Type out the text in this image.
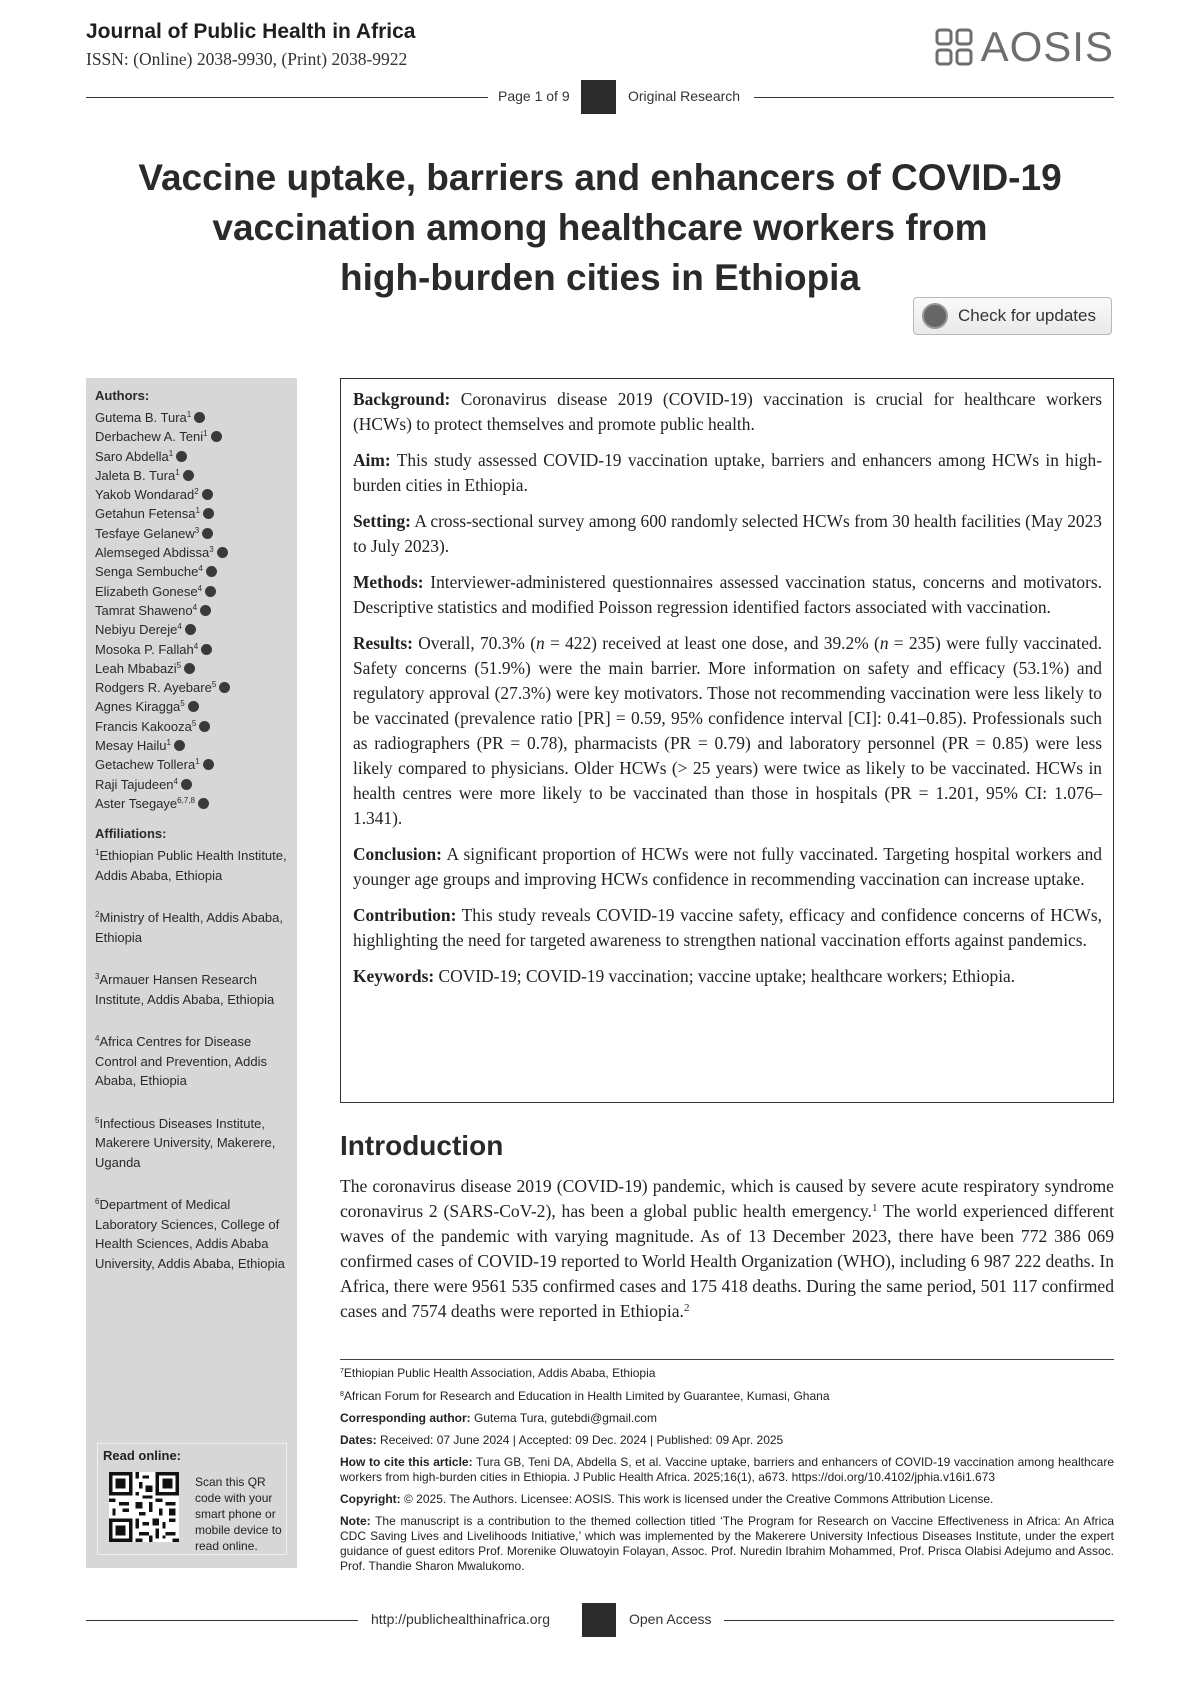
Journal of Public Health in Africa
ISSN: (Online) 2038-9930, (Print) 2038-9922	AOSIS
Page 1 of 9	Original Research
Vaccine uptake, barriers and enhancers of COVID-19
vaccination among healthcare workers from
high-burden cities in Ethiopia
Check for updates
Authors:
Gutema B. Tura$^1$
Derbachew A. Teni$^1$
Saro Abdella$^1$
Jaleta B. Tura$^1$
Yakob Wondarad$^2$
Getahun Fetensa$^1$
Tesfaye Gelanew$^3$
Alemseged Abdissa$^3$
Senga Sembuche$^4$
Elizabeth Gonese$^4$
Tamrat Shaweno$^4$
Nebiyu Dereje$^4$
Mosoka P. Fallah$^4$
Leah Mbabazi$^5$
Rodgers R. Ayebare$^5$
Agnes Kiragga$^5$
Francis Kakooza$^5$
Mesay Hailu$^1$
Getachew Tollera$^1$
Raji Tajudeen$^4$
Aster Tsegaye$^{6,7,8}$
Affiliations:
$^1$Ethiopian Public Health Institute, Addis Ababa, Ethiopia
$^2$Ministry of Health, Addis Ababa, Ethiopia
$^3$Armauer Hansen Research Institute, Addis Ababa, Ethiopia
$^4$Africa Centres for Disease Control and Prevention, Addis Ababa, Ethiopia
$^5$Infectious Diseases Institute, Makerere University, Makerere, Uganda
$^6$Department of Medical Laboratory Sciences, College of Health Sciences, Addis Ababa University, Addis Ababa, Ethiopia
Read online:
Scan this QR code with your smart phone or mobile device to read online.

Background: Coronavirus disease 2019 (COVID-19) vaccination is crucial for healthcare workers (HCWs) to protect themselves and promote public health.

Aim: This study assessed COVID-19 vaccination uptake, barriers and enhancers among HCWs in high-burden cities in Ethiopia.

Setting: A cross-sectional survey among 600 randomly selected HCWs from 30 health facilities (May 2023 to July 2023).

Methods: Interviewer-administered questionnaires assessed vaccination status, concerns and motivators. Descriptive statistics and modified Poisson regression identified factors associated with vaccination.

Results: Overall, 70.3% (n = 422) received at least one dose, and 39.2% (n = 235) were fully vaccinated. Safety concerns (51.9%) were the main barrier. More information on safety and efficacy (53.1%) and regulatory approval (27.3%) were key motivators. Those not recommending vaccination were less likely to be vaccinated (prevalence ratio [PR] = 0.59, 95% confidence interval [CI]: 0.41–0.85). Professionals such as radiographers (PR = 0.78), pharmacists (PR = 0.79) and laboratory personnel (PR = 0.85) were less likely compared to physicians. Older HCWs (> 25 years) were twice as likely to be vaccinated. HCWs in health centres were more likely to be vaccinated than those in hospitals (PR = 1.201, 95% CI: 1.076–1.341).

Conclusion: A significant proportion of HCWs were not fully vaccinated. Targeting hospital workers and younger age groups and improving HCWs confidence in recommending vaccination can increase uptake.

Contribution: This study reveals COVID-19 vaccine safety, efficacy and confidence concerns of HCWs, highlighting the need for targeted awareness to strengthen national vaccination efforts against pandemics.

Keywords: COVID-19; COVID-19 vaccination; vaccine uptake; healthcare workers; Ethiopia.

Introduction

The coronavirus disease 2019 (COVID-19) pandemic, which is caused by severe acute respiratory syndrome coronavirus 2 (SARS-CoV-2), has been a global public health emergency.$^1$ The world experienced different waves of the pandemic with varying magnitude. As of 13 December 2023, there have been 772 386 069 confirmed cases of COVID-19 reported to World Health Organization (WHO), including 6 987 222 deaths. In Africa, there were 9561 535 confirmed cases and 175 418 deaths. During the same period, 501 117 confirmed cases and 7574 deaths were reported in Ethiopia.$^2$

$^7$Ethiopian Public Health Association, Addis Ababa, Ethiopia
$^8$African Forum for Research and Education in Health Limited by Guarantee, Kumasi, Ghana
Corresponding author: Gutema Tura, gutebdi@gmail.com
Dates: Received: 07 June 2024 | Accepted: 09 Dec. 2024 | Published: 09 Apr. 2025
How to cite this article: Tura GB, Teni DA, Abdella S, et al. Vaccine uptake, barriers and enhancers of COVID-19 vaccination among healthcare workers from high-burden cities in Ethiopia. J Public Health Africa. 2025;16(1), a673. https://doi.org/10.4102/jphia.v16i1.673
Copyright: © 2025. The Authors. Licensee: AOSIS. This work is licensed under the Creative Commons Attribution License.
Note: The manuscript is a contribution to the themed collection titled ‘The Program for Research on Vaccine Effectiveness in Africa: An Africa CDC Saving Lives and Livelihoods Initiative,’ which was implemented by the Makerere University Infectious Diseases Institute, under the expert guidance of guest editors Prof. Morenike Oluwatoyin Folayan, Assoc. Prof. Nuredin Ibrahim Mohammed, Prof. Prisca Olabisi Adejumo and Assoc. Prof. Thandie Sharon Mwalukomo.
http://publichealthinafrica.org	Open Access
